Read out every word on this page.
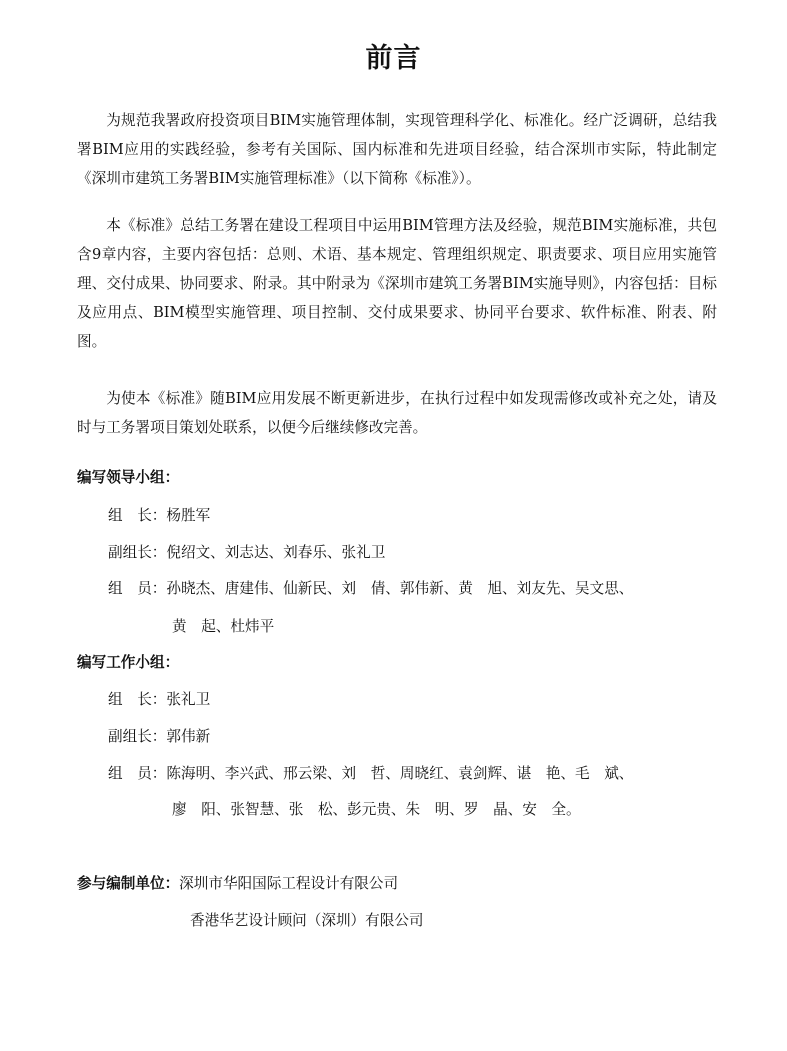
前言

为规范我署政府投资项目BIM实施管理体制，实现管理科学化、标准化。经广泛调研，总结我署BIM应用的实践经验，参考有关国际、国内标准和先进项目经验，结合深圳市实际，特此制定《深圳市建筑工务署BIM实施管理标准》（以下简称《标准》）。

本《标准》总结工务署在建设工程项目中运用BIM管理方法及经验，规范BIM实施标准，共包含9章内容，主要内容包括：总则、术语、基本规定、管理组织规定、职责要求、项目应用实施管理、交付成果、协同要求、附录。其中附录为《深圳市建筑工务署BIM实施导则》，内容包括：目标及应用点、BIM模型实施管理、项目控制、交付成果要求、协同平台要求、软件标准、附表、附图。

为使本《标准》随BIM应用发展不断更新进步，在执行过程中如发现需修改或补充之处，请及时与工务署项目策划处联系，以便今后继续修改完善。

编写领导小组：
组　长：杨胜军
副组长：倪绍文、刘志达、刘春乐、张礼卫
组　员：孙晓杰、唐建伟、仙新民、刘　倩、郭伟新、黄　旭、刘友先、吴文思、
黄　起、杜炜平
编写工作小组：
组　长：张礼卫
副组长：郭伟新
组　员：陈海明、李兴武、邢云梁、刘　哲、周晓红、袁剑辉、谌　艳、毛　斌、
廖　阳、张智慧、张　松、彭元贵、朱　明、罗　晶、安　全。
参与编制单位：深圳市华阳国际工程设计有限公司
香港华艺设计顾问（深圳）有限公司
